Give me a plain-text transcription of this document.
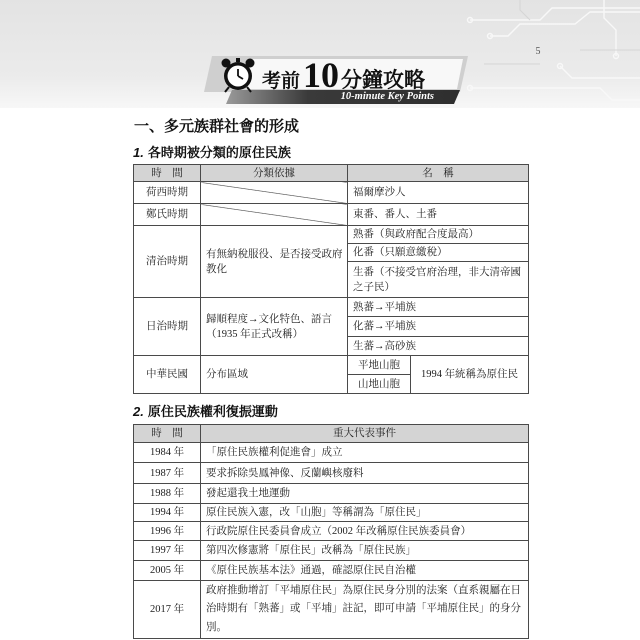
5
考前 10 分鐘攻略
10-minute Key Points
一、多元族群社會的形成
1. 各時期被分類的原住民族
時　間	分類依據	名　稱	
荷西時期		福爾摩沙人	
鄭氏時期		東番、番人、土番	
清治時期	有無納稅服役、是否接受政府教化	熟番（與政府配合度最高）	
		化番（只願意繳稅）	
		生番（不接受官府治理，非大清帝國之子民）	
日治時期	歸順程度→文化特色、語言（1935 年正式改稱）	熟蕃→平埔族	
		化蕃→平埔族	
		生蕃→高砂族	
中華民國	分布區域	平地山胞	1994 年統稱為原住民
		山地山胞	
2. 原住民族權利復振運動
時　間	重大代表事件
1984 年	「原住民族權利促進會」成立
1987 年	要求拆除吳鳳神像、反蘭嶼核廢料
1988 年	發起還我土地運動
1994 年	原住民族入憲，改「山胞」等稱謂為「原住民」
1996 年	行政院原住民委員會成立（2002 年改稱原住民族委員會）
1997 年	第四次修憲將「原住民」改稱為「原住民族」
2005 年	《原住民族基本法》通過，確認原住民自治權
2017 年	政府推動增訂「平埔原住民」為原住民身分別的法案（直系親屬在日治時期有「熟蕃」或「平埔」註記，即可申請「平埔原住民」的身分別。
